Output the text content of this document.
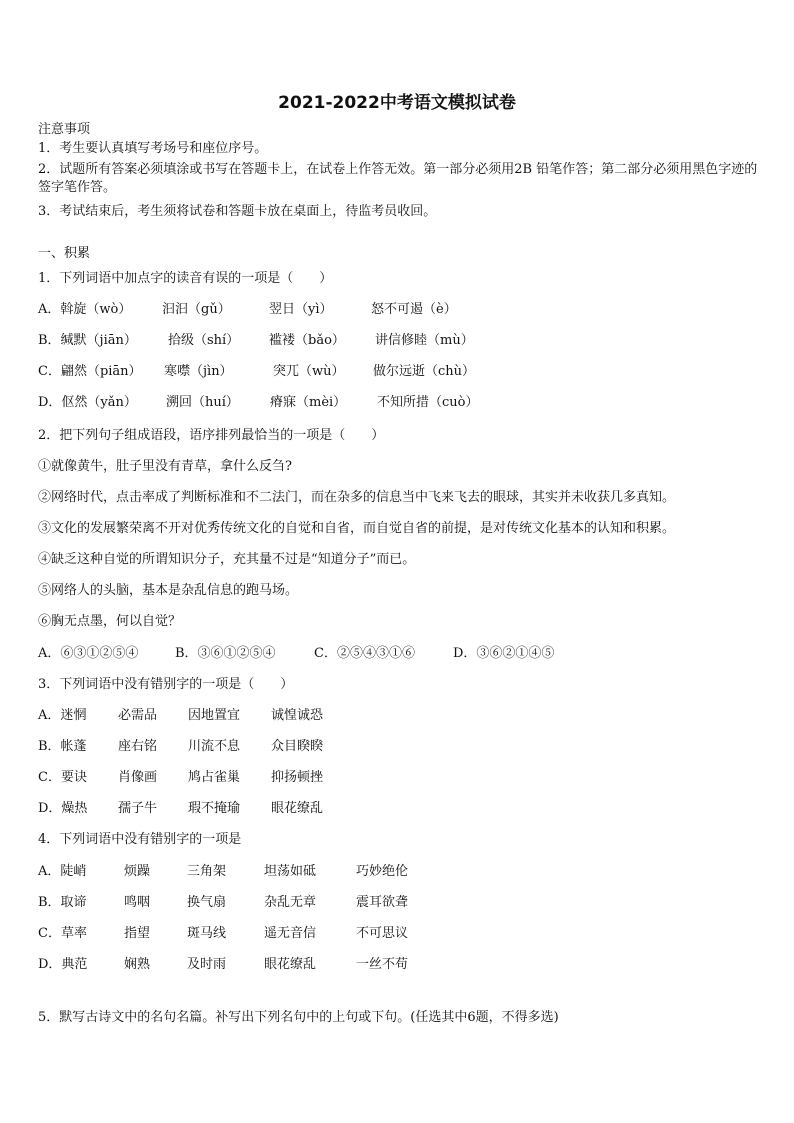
2021-2022中考语文模拟试卷
注意事项
1．考生要认真填写考场号和座位序号。
2．试题所有答案必须填涂或书写在答题卡上，在试卷上作答无效。第一部分必须用2B 铅笔作答；第二部分必须用黑色字迹的签字笔作答。
3．考试结束后，考生须将试卷和答题卡放在桌面上，待监考员收回。
一、积累
1．下列词语中加点字的读音有误的一项是（　　）
A．斡旋（wò） 汩汩（gǔ）	翌日（yì）	怒不可遏（è）
B．缄默（jiān） 拾级（shí） 褴褛（bǎo） 讲信修睦（mù）
C．翩然（piān） 寒噤（jìn）	突兀（wù） 做尔远逝（chù）
D．伛然（yǎn） 溯回（huí） 瘠寐（mèi） 不知所措（cuò）
2．把下列句子组成语段，语序排列最恰当的一项是（　　）
①就像黄牛，肚子里没有青草，拿什么反刍?
②网络时代，点击率成了判断标准和不二法门，而在杂多的信息当中飞来飞去的眼球，其实并未收获几多真知。
③文化的发展繁荣离不开对优秀传统文化的自觉和自省，而自觉自省的前提，是对传统文化基本的认知和积累。
④缺乏这种自觉的所谓知识分子，充其量不过是“知道分子”而已。
⑤网络人的头脑，基本是杂乱信息的跑马场。
⑥胸无点墨，何以自觉？
A．⑥③①②⑤④	B．③⑥①②⑤④	C．②⑤④③①⑥	D．③⑥②①④⑤
3．下列词语中没有错别字的一项是（　　）
A．迷惘 必需品 因地置宜 诚惶诚恐
B．帐蓬 座右铭 川流不息 众目睽睽
C．要诀 肖像画 鸠占雀巢 抑扬顿挫
D．燥热 孺子牛 瑕不掩瑜 眼花缭乱
4．下列词语中没有错别字的一项是
A．陡峭	烦躁	三角架	坦荡如砥	巧妙绝伦
B．取谛	鸣咽	换气扇	杂乱无章	震耳欲聋
C．草率	指望	斑马线	遥无音信	不可思议
D．典范	娴熟	及时雨	眼花缭乱	一丝不苟
5．默写古诗文中的名句名篇。补写出下列名句中的上句或下句。(任选其中6题，不得多选)
